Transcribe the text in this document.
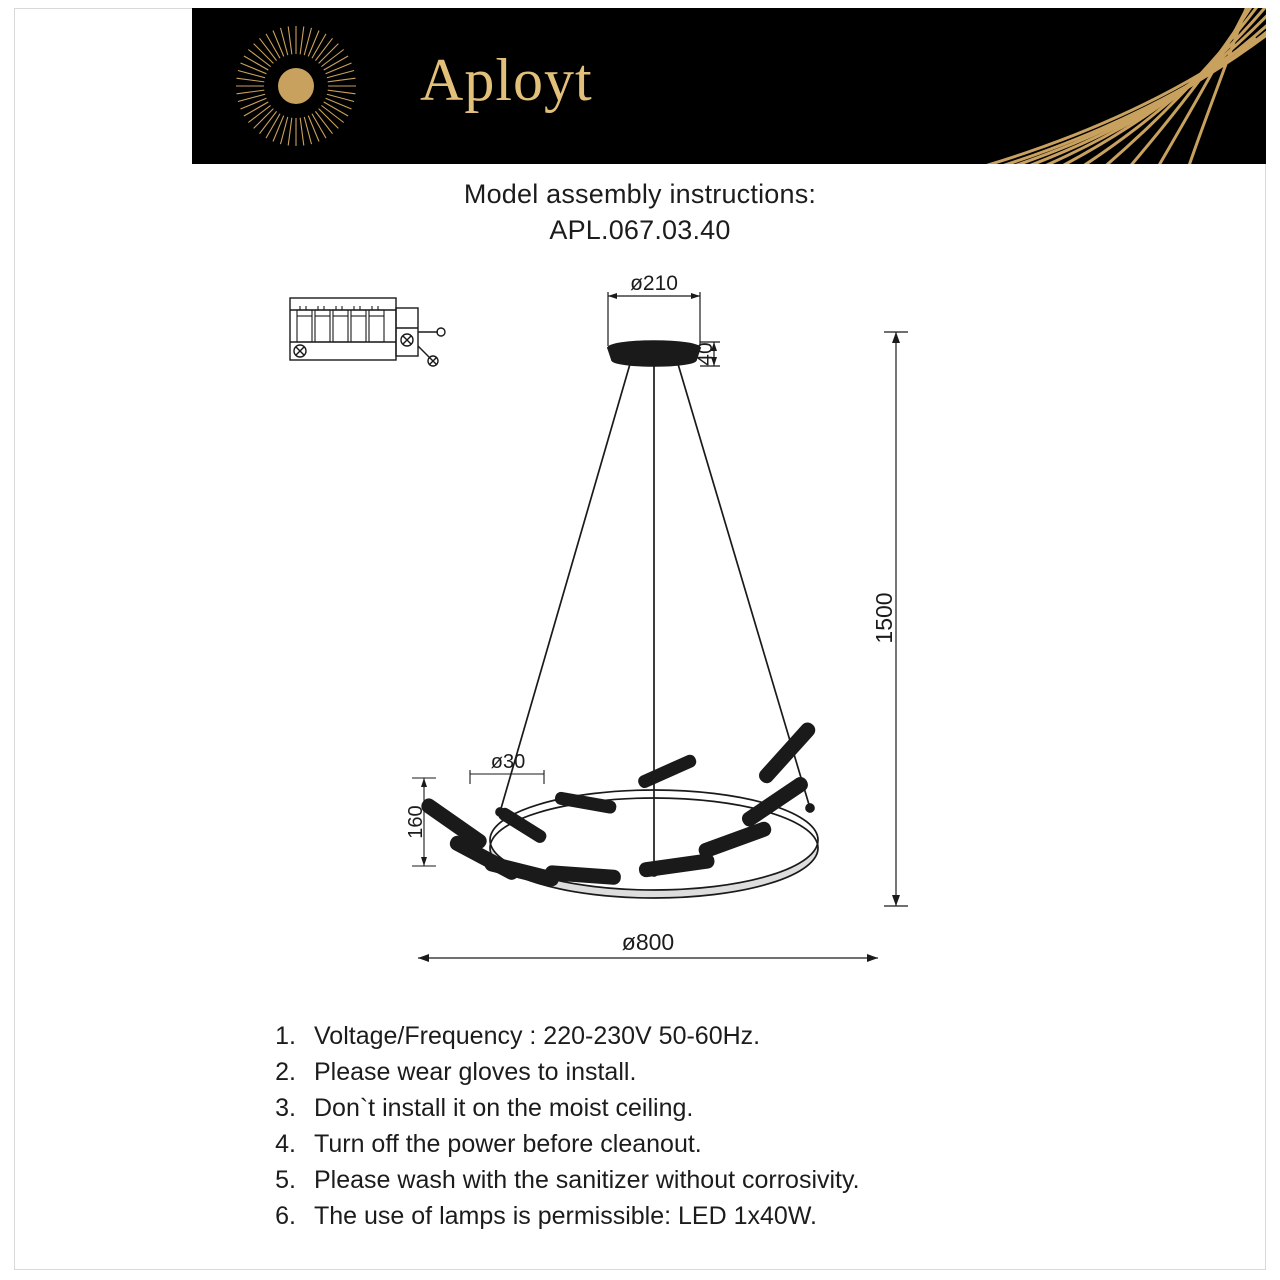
Aployt
Model assembly instructions:
APL.067.03.40
ø210
40
ø30
160
1500
ø800
1. Voltage/Frequency : 220-230V 50-60Hz.
2. Please wear gloves to install.
3. Don`t install it on the moist ceiling.
4. Turn off the power before cleanout.
5. Please wash with the sanitizer without corrosivity.
6. The use of lamps is permissible: LED 1x40W.
